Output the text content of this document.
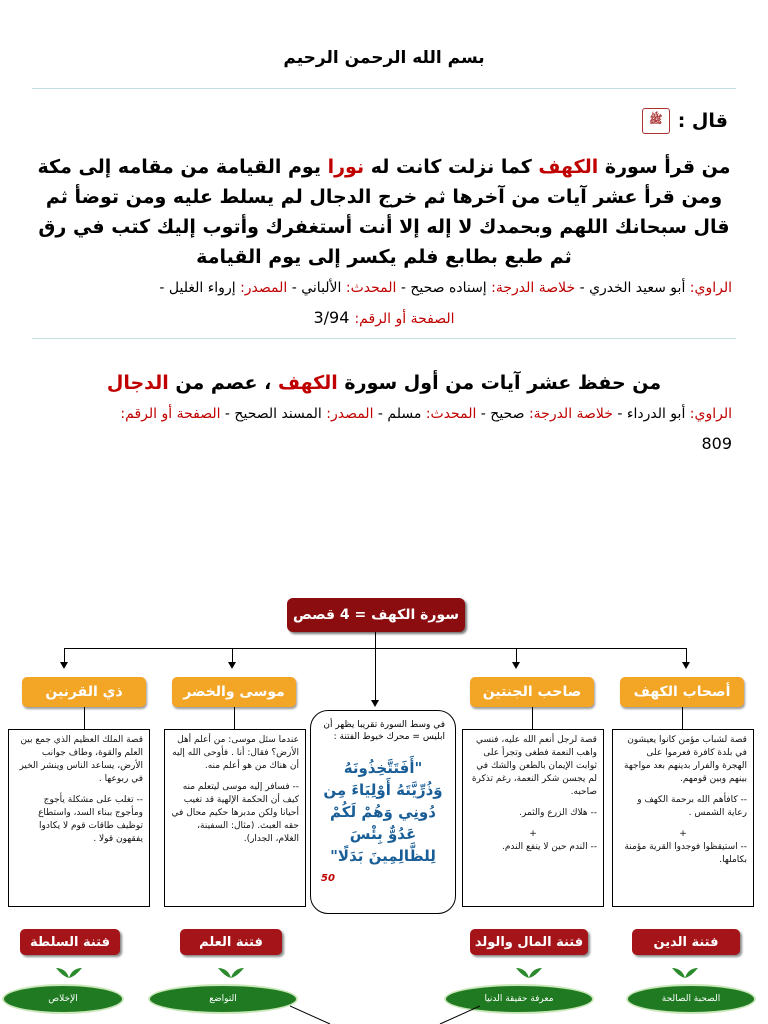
بسم الله الرحمن الرحيم
قال :
ﷺ
من قرأ سورة الكهف كما نزلت كانت له نورا يوم القيامة من مقامه إلى مكة ومن قرأ عشر آيات من آخرها ثم خرج الدجال لم يسلط عليه ومن توضأ ثم قال سبحانك اللهم وبحمدك لا إله إلا أنت أستغفرك وأتوب إليك كتب في رق ثم طبع بطابع فلم يكسر إلى يوم القيامة
الراوي: أبو سعيد الخدري - خلاصة الدرجة: إسناده صحيح - المحدث: الألباني - المصدر: إرواء الغليل -
الصفحة أو الرقم: 3/94
من حفظ عشر آيات من أول سورة الكهف ، عصم من الدجال
الراوي: أبو الدرداء - خلاصة الدرجة: صحيح - المحدث: مسلم - المصدر: المسند الصحيح - الصفحة أو الرقم:
809
سورة الكهف = 4 قصص
أصحاب الكهف
صاحب الجنتين
موسى والخضر
ذي القرنين

قصة لشباب مؤمن كانوا يعيشون في بلدة كافرة فعرموا على الهجرة والفرار بدينهم بعد مواجهة بينهم وبين قومهم.

-- كافأهم الله برحمة الكهف و رعاية الشمس .

+

-- استيقظوا فوجدوا القرية مؤمنة بكاملها.

قصة لرجل أنعم الله عليه، فنسي واهب النعمة فطغى وتجرأ على ثوابت الإيمان بالطعن والشك في لم يجسن شكر النعمة، رغم تذكرة صاحبه.

-- هلاك الزرع والثمر.

+

-- الندم حين لا ينفع الندم.

عندما سئل موسى: من أعلم أهل الأرض؟ فقال: أنا . فأوحى الله إليه أن هناك من هو أعلم منه.

-- فسافر إليه موسى ليتعلم منه كيف أن الحكمة الإلهية قد تغيب أحيانا ولكن مدبرها حكيم محال في حقه العبث. (مثال: السفينة، الغلام، الجدار).

قصة الملك العظيم الذي جمع بين العلم والقوة، وطاف جوانب الأرض، يساعد الناس وينشر الخير في ربوعها .

-- تغلب على مشكلة يأجوج ومأجوج ببناء السد، واستطاع توظيف طاقات قوم لا يكادوا يفقهون قولا .

في وسط السورة تقريبا يظهر أن ابليس = محرك خيوط الفتنة :
"أَفَتَتَّخِذُونَهُ وَذُرِّيَّتَهُ أَوْلِيَاءَ مِن دُونِي وَهُمْ لَكُمْ عَدُوٌّ بِئْسَ لِلظَّالِمِينَ بَدَلًا"
50
فتنة الدين
فتنة المال والولد
فتنة العلم
فتنة السلطة
الصحبة الصالحة
معرفة حقيقة الدنيا
التواضع
الإخلاص
